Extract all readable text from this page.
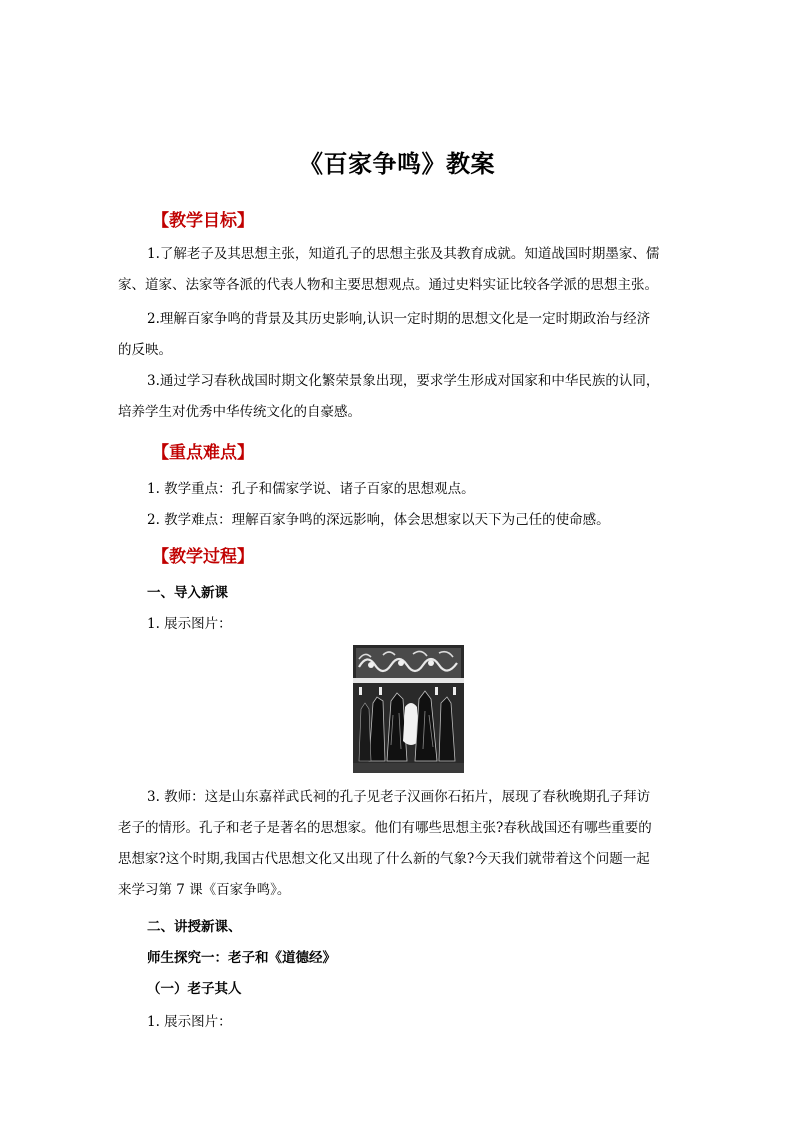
《百家争鸣》教案
【教学目标】
1.了解老子及其思想主张，知道孔子的思想主张及其教育成就。知道战国时期墨家、儒
家、道家、法家等各派的代表人物和主要思想观点。通过史料实证比较各学派的思想主张。
2.理解百家争鸣的背景及其历史影响,认识一定时期的思想文化是一定时期政治与经济
的反映。
3.通过学习春秋战国时期文化繁荣景象出现，要求学生形成对国家和中华民族的认同，
培养学生对优秀中华传统文化的自豪感。
【重点难点】
1. 教学重点：孔子和儒家学说、诸子百家的思想观点。
2. 教学难点：理解百家争鸣的深远影响，体会思想家以天下为己任的使命感。
【教学过程】
一、导入新课
1. 展示图片：
3. 教师：这是山东嘉祥武氏祠的孔子见老子汉画你石拓片，展现了春秋晚期孔子拜访
老子的情形。孔子和老子是著名的思想家。他们有哪些思想主张?春秋战国还有哪些重要的
思想家?这个时期,我国古代思想文化又出现了什么新的气象?今天我们就带着这个问题一起
来学习第 7 课《百家争鸣》。
二、讲授新课、
师生探究一：老子和《道德经》
（一）老子其人
1. 展示图片：
